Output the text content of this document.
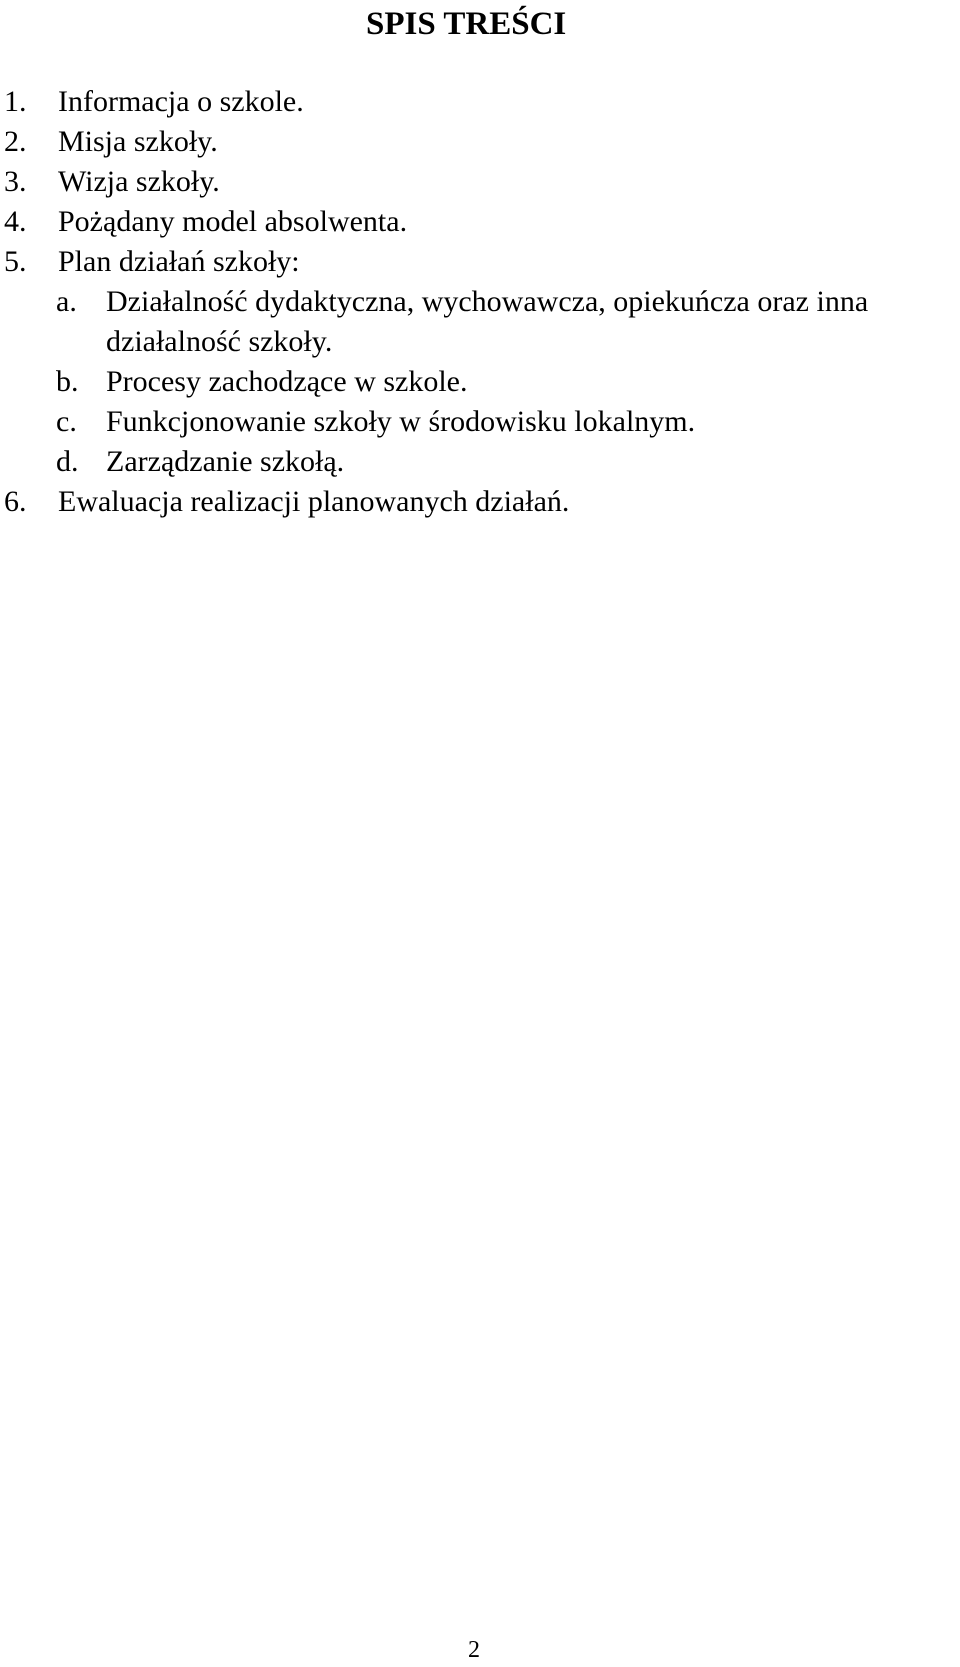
SPIS TREŚCI
1.	Informacja o szkole.
2.	Misja szkoły.
3.	Wizja szkoły.
4.	Pożądany model absolwenta.
5.	Plan działań szkoły:
a. Działalność dydaktyczna, wychowawcza, opiekuńcza oraz inna działalność szkoły.
b. Procesy zachodzące w szkole.
c. Funkcjonowanie szkoły w środowisku lokalnym.
d. Zarządzanie szkołą.
6.	Ewaluacja realizacji planowanych działań.
2
